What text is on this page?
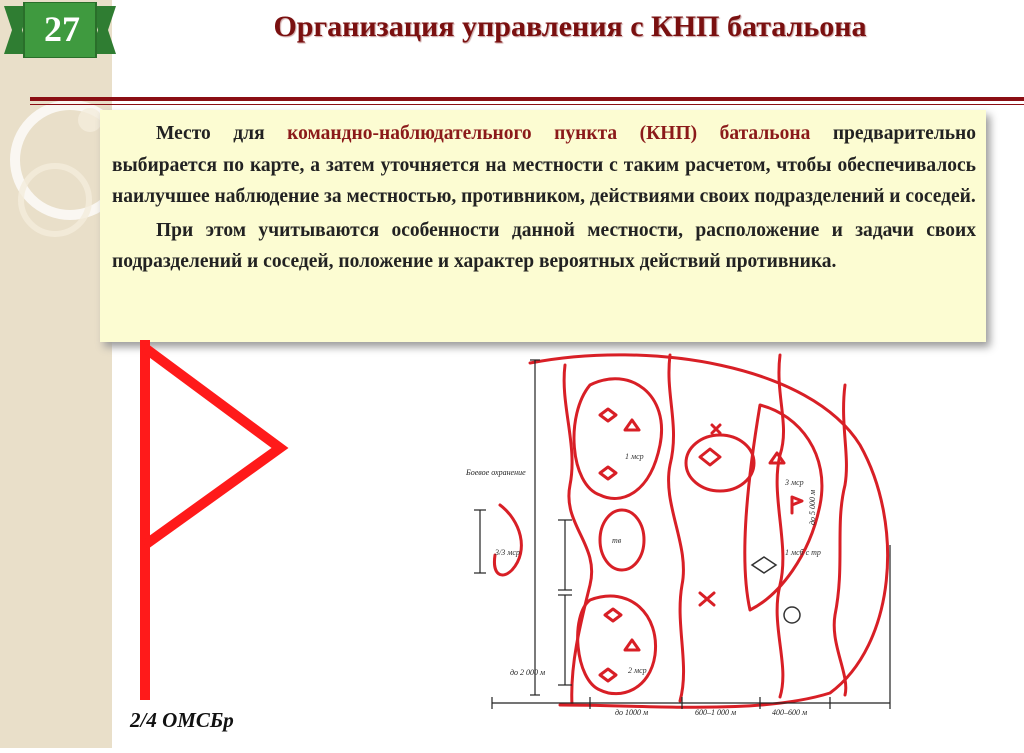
27	Организация управления с КНП батальона

Место для командно-наблюдательного пункта (КНП) батальона предварительно выбирается по карте, а затем уточняется на местности с таким расчетом, чтобы обеспечивалось наилучшее наблюдение за местностью, противником, действиями своих подразделений и соседей.

При этом учитываются особенности данной местности, расположение и задачи своих подразделений и соседей, положение и характер вероятных действий противника.

2/4 ОМСБр
Боевое охранение
1 мср
2 мср
3 мср
1 мсб с тр
тв
3/3 мср
до 5 000 м
до 2 000 м
до 1000 м	600–1 000 м	400–600 м
